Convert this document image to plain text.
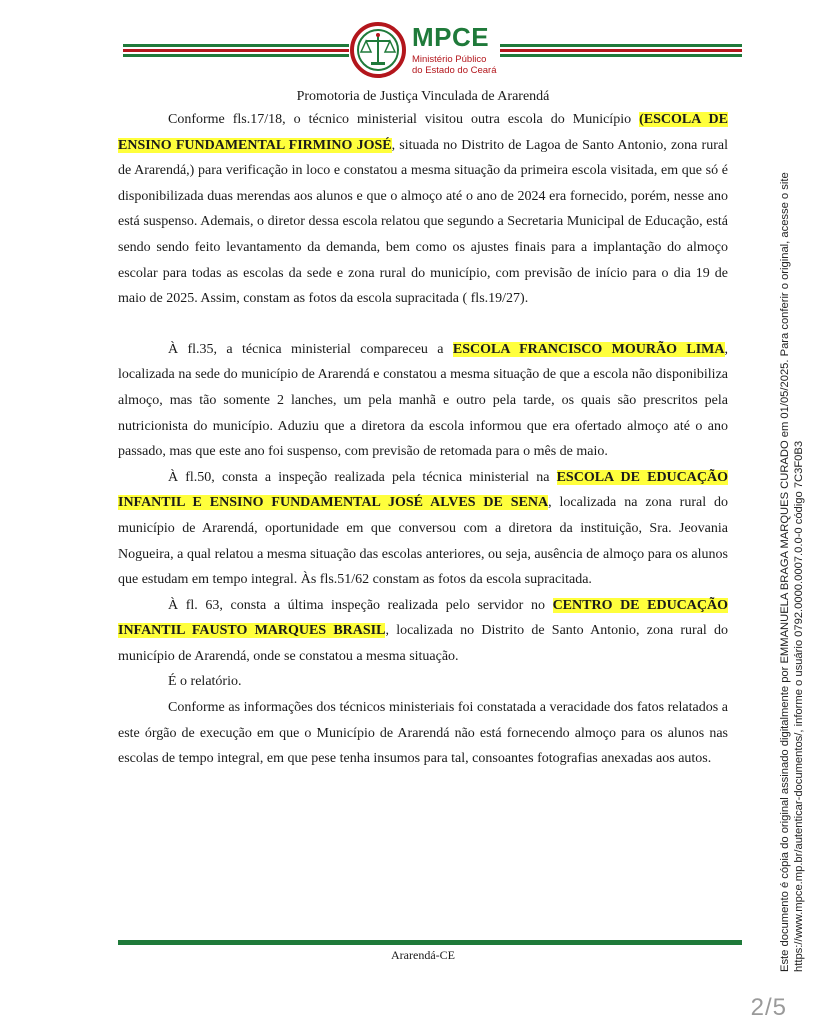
MPCE
Ministério Público
do Estado do Ceará
Promotoria de Justiça Vinculada de Ararendá

Conforme fls.17/18, o técnico ministerial visitou outra escola do Município (ESCOLA DE ENSINO FUNDAMENTAL FIRMINO JOSÉ, situada no Distrito de Lagoa de Santo Antonio, zona rural de Ararendá,) para verificação in loco e constatou a mesma situação da primeira escola visitada, em que só é disponibilizada duas merendas aos alunos e que o almoço até o ano de 2024 era fornecido, porém, nesse ano está suspenso. Ademais, o diretor dessa escola relatou que segundo a Secretaria Municipal de Educação, está sendo sendo feito levantamento da demanda, bem como os ajustes finais para a implantação do almoço escolar para todas as escolas da sede e zona rural do município, com previsão de início para o dia 19 de maio de 2025. Assim, constam as fotos da escola supracitada ( fls.19/27).

À fl.35, a técnica ministerial compareceu a ESCOLA FRANCISCO MOURÃO LIMA, localizada na sede do município de Ararendá e constatou a mesma situação de que a escola não disponibiliza almoço, mas tão somente 2 lanches, um pela manhã e outro pela tarde, os quais são prescritos pela nutricionista do município. Aduziu que a diretora da escola informou que era ofertado almoço até o ano passado, mas que este ano foi suspenso, com previsão de retomada para o mês de maio.

À fl.50, consta a inspeção realizada pela técnica ministerial na ESCOLA DE EDUCAÇÃO INFANTIL E ENSINO FUNDAMENTAL JOSÉ ALVES DE SENA, localizada na zona rural do município de Ararendá, oportunidade em que conversou com a diretora da instituição, Sra. Jeovania Nogueira, a qual relatou a mesma situação das escolas anteriores, ou seja, ausência de almoço para os alunos que estudam em tempo integral. Às fls.51/62 constam as fotos da escola supracitada.

À fl. 63, consta a última inspeção realizada pelo servidor no CENTRO DE EDUCAÇÃO INFANTIL FAUSTO MARQUES BRASIL, localizada no Distrito de Santo Antonio, zona rural do município de Ararendá, onde se constatou a mesma situação.

É o relatório.

Conforme as informações dos técnicos ministeriais foi constatada a veracidade dos fatos relatados a este órgão de execução em que o Município de Ararendá não está fornecendo almoço para os alunos nas escolas de tempo integral, em que pese tenha insumos para tal, consoantes fotografias anexadas aos autos.

Ararendá-CE	Este documento é cópia do original assinado digitalmente por EMMANUELA BRAGA MARQUES CURADO em 01/05/2025. Para conferir o original, acesse o site https://www.mpce.mp.br/autenticar-documentos/, informe o usuário 0792.0000.0007.0.0-0 código 7C3F0B3
2/5
